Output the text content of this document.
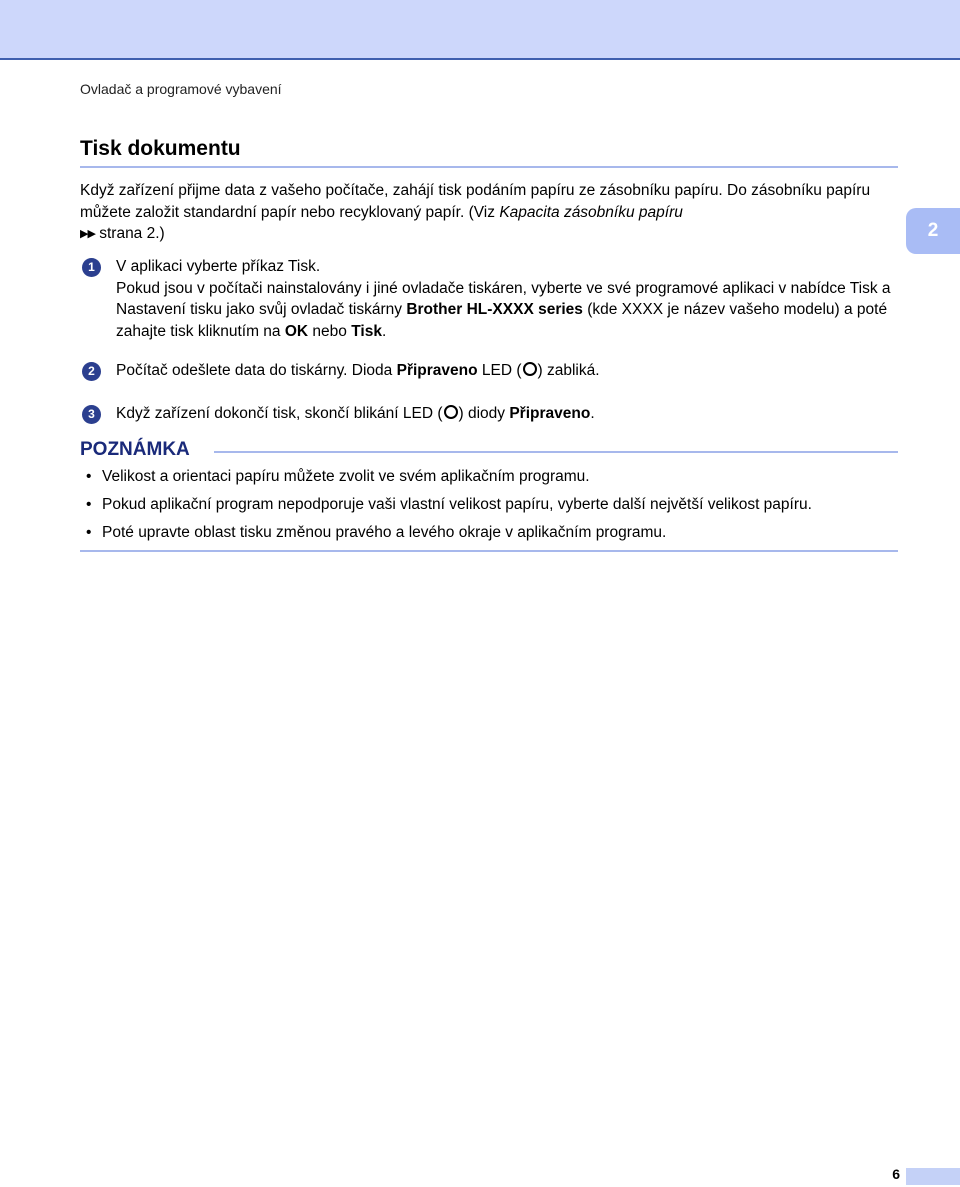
Ovladač a programové vybavení
Tisk dokumentu
Když zařízení přijme data z vašeho počítače, zahájí tisk podáním papíru ze zásobníku papíru. Do zásobníku papíru můžete založit standardní papír nebo recyklovaný papír. (Viz Kapacita zásobníku papíru
▶▶ strana 2.)	2
1	V aplikaci vyberte příkaz Tisk.
Pokud jsou v počítači nainstalovány i jiné ovladače tiskáren, vyberte ve své programové aplikaci v nabídce Tisk a Nastavení tisku jako svůj ovladač tiskárny Brother HL-XXXX series (kde XXXX je název vašeho modelu) a poté zahajte tisk kliknutím na OK nebo Tisk.
2	Počítač odešlete data do tiskárny. Dioda Připraveno LED ( ) zabliká.
3	Když zařízení dokončí tisk, skončí blikání LED ( ) diody Připraveno.
POZNÁMKA
• Velikost a orientaci papíru můžete zvolit ve svém aplikačním programu.
• Pokud aplikační program nepodporuje vaši vlastní velikost papíru, vyberte další největší velikost papíru.
• Poté upravte oblast tisku změnou pravého a levého okraje v aplikačním programu.
6
